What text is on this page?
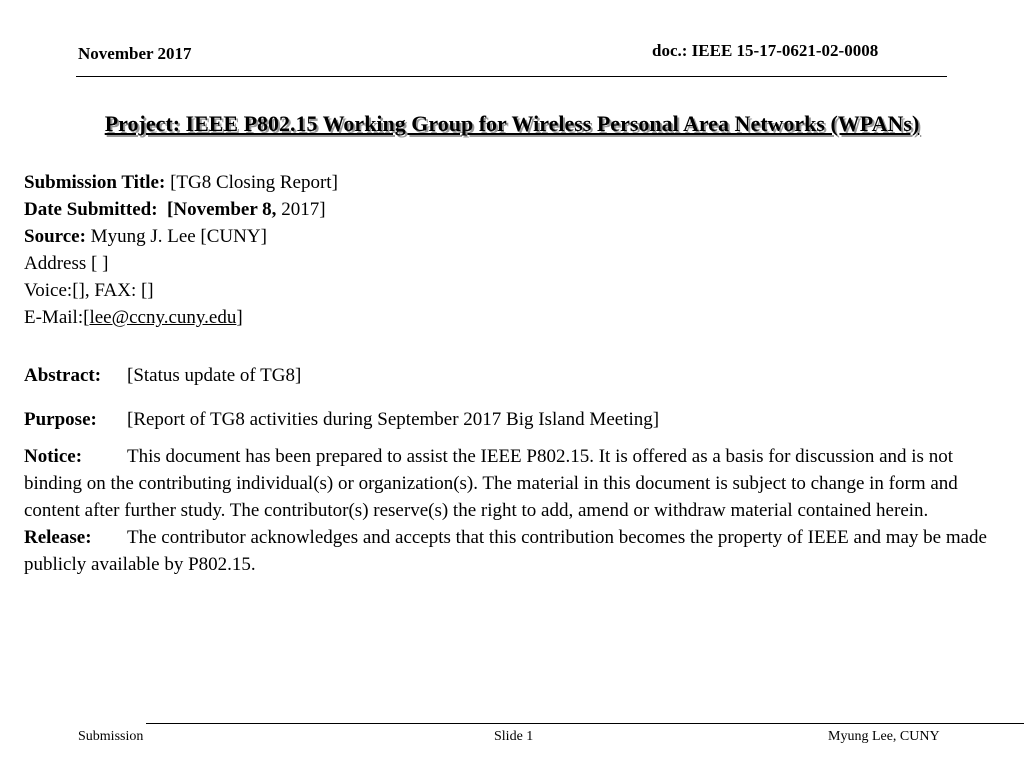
November 2017	doc.: IEEE 15-17-0621-02-0008
Project: IEEE P802.15 Working Group for Wireless Personal Area Networks (WPANs)
Submission Title: [TG8 Closing Report]
Date Submitted: [November 8, 2017]
Source: Myung J. Lee [CUNY]
Address [ ]
Voice:[], FAX: []
E-Mail:[lee@ccny.cuny.edu]
Abstract: [Status update of TG8]
Purpose: [Report of TG8 activities during September 2017 Big Island Meeting]
Notice: This document has been prepared to assist the IEEE P802.15. It is offered as a basis for discussion and is not binding on the contributing individual(s) or organization(s). The material in this document is subject to change in form and content after further study. The contributor(s) reserve(s) the right to add, amend or withdraw material contained herein.
Release: The contributor acknowledges and accepts that this contribution becomes the property of IEEE and may be made publicly available by P802.15.
Submission	Slide 1	Myung Lee, CUNY
